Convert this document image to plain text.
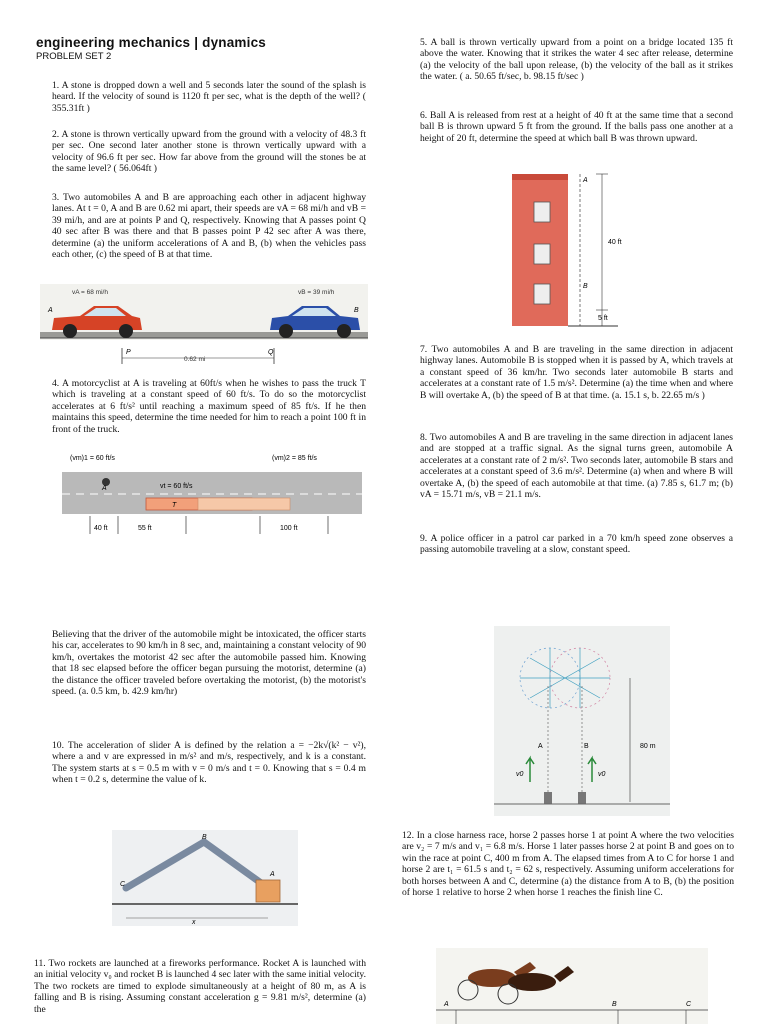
engineering mechanics | dynamics
PROBLEM SET 2

1. A stone is dropped down a well and 5 seconds later the sound of the splash is heard. If the velocity of sound is 1120 ft per sec, what is the depth of the well? ( 355.31ft )

2. A stone is thrown vertically upward from the ground with a velocity of 48.3 ft per sec. One second later another stone is thrown vertically upward with a velocity of 96.6 ft per sec. How far above from the ground will the stones be at the same level? ( 56.064ft )

3. Two automobiles A and B are approaching each other in adjacent highway lanes. At t = 0, A and B are 0.62 mi apart, their speeds are vA = 68 mi/h and vB = 39 mi/h, and are at points P and Q, respectively. Knowing that A passes point Q 40 sec after B was there and that B passes point P 42 sec after A was there, determine (a) the uniform accelerations of A and B, (b) when the vehicles pass each other, (c) the speed of B at that time.

vA = 68 mi/h	vB = 39 mi/h
A	B
P	Q
0.62 mi

4. A motorcyclist at A is traveling at 60ft/s when he wishes to pass the truck T which is traveling at a constant speed of 60 ft/s. To do so the motorcyclist accelerates at 6 ft/s² until reaching a maximum speed of 85 ft/s. If he then maintains this speed, determine the time needed for him to reach a point 100 ft in front of the truck.

(vm)1 = 60 ft/s	(vm)2 = 85 ft/s
vt = 60 ft/s
A
T
40 ft	55 ft	100 ft

Believing that the driver of the automobile might be intoxicated, the officer starts his car, accelerates to 90 km/h in 8 sec, and, maintaining a constant velocity of 90 km/h, overtakes the motorist 42 sec after the automobile passed him. Knowing that 18 sec elapsed before the officer began pursuing the motorist, determine (a) the distance the officer traveled before overtaking the motorist, (b) the motorist's speed. (a. 0.5 km, b. 42.9 km/hr)

10. The acceleration of slider A is defined by the relation a = −2k√(k² − v²), where a and v are expressed in m/s² and m/s, respectively, and k is a constant. The system starts at s = 0.5 m with v = 0 m/s and t = 0. Knowing that s = 0.4 m when t = 0.2 s, determine the value of k.

C
B
A
x

11. Two rockets are launched at a fireworks performance. Rocket A is launched with an initial velocity v₀ and rocket B is launched 4 sec later with the same initial velocity. The two rockets are timed to explode simultaneously at a height of 80 m, as A is falling and B is rising. Assuming constant acceleration g = 9.81 m/s², determine (a) the

5. A ball is thrown vertically upward from a point on a bridge located 135 ft above the water. Knowing that it strikes the water 4 sec after release, determine (a) the velocity of the ball upon release, (b) the velocity of the ball as it strikes the water. ( a. 50.65 ft/sec, b. 98.15 ft/sec )

6. Ball A is released from rest at a height of 40 ft at the same time that a second ball B is thrown upward 5 ft from the ground. If the balls pass one another at a height of 20 ft, determine the speed at which ball B was thrown upward.

A
B
40 ft
5 ft

7. Two automobiles A and B are traveling in the same direction in adjacent highway lanes. Automobile B is stopped when it is passed by A, which travels at a constant speed of 36 km/hr. Two seconds later automobile B starts and accelerates at a constant rate of 1.5 m/s². Determine (a) the time when and where B will overtake A, (b) the speed of B at that time. (a. 15.1 s, b. 22.65 m/s )

8. Two automobiles A and B are traveling in the same direction in adjacent lanes and are stopped at a traffic signal. As the signal turns green, automobile A accelerates at a constant rate of 2 m/s². Two seconds later, automobile B stars and accelerates at a constant speed of 3.6 m/s². Determine (a) when and where B will overtake A, (b) the speed of each automobile at that time. (a) 7.85 s, 61.7 m; (b) vA = 15.71 m/s, vB = 21.1 m/s.

9. A police officer in a patrol car parked in a 70 km/h speed zone observes a passing automobile traveling at a slow, constant speed.

A	B	80 m
v0	v0

12. In a close harness race, horse 2 passes horse 1 at point A where the two velocities are v₂ = 7 m/s and v₁ = 6.8 m/s. Horse 1 later passes horse 2 at point B and goes on to win the race at point C, 400 m from A. The elapsed times from A to C for horse 1 and horse 2 are t₁ = 61.5 s and t₂ = 62 s, respectively. Assuming uniform accelerations for both horses between A and C, determine (a) the distance from A to B, (b) the position of horse 1 relative to horse 2 when horse 1 reaches the finish line C.

A	B	C
